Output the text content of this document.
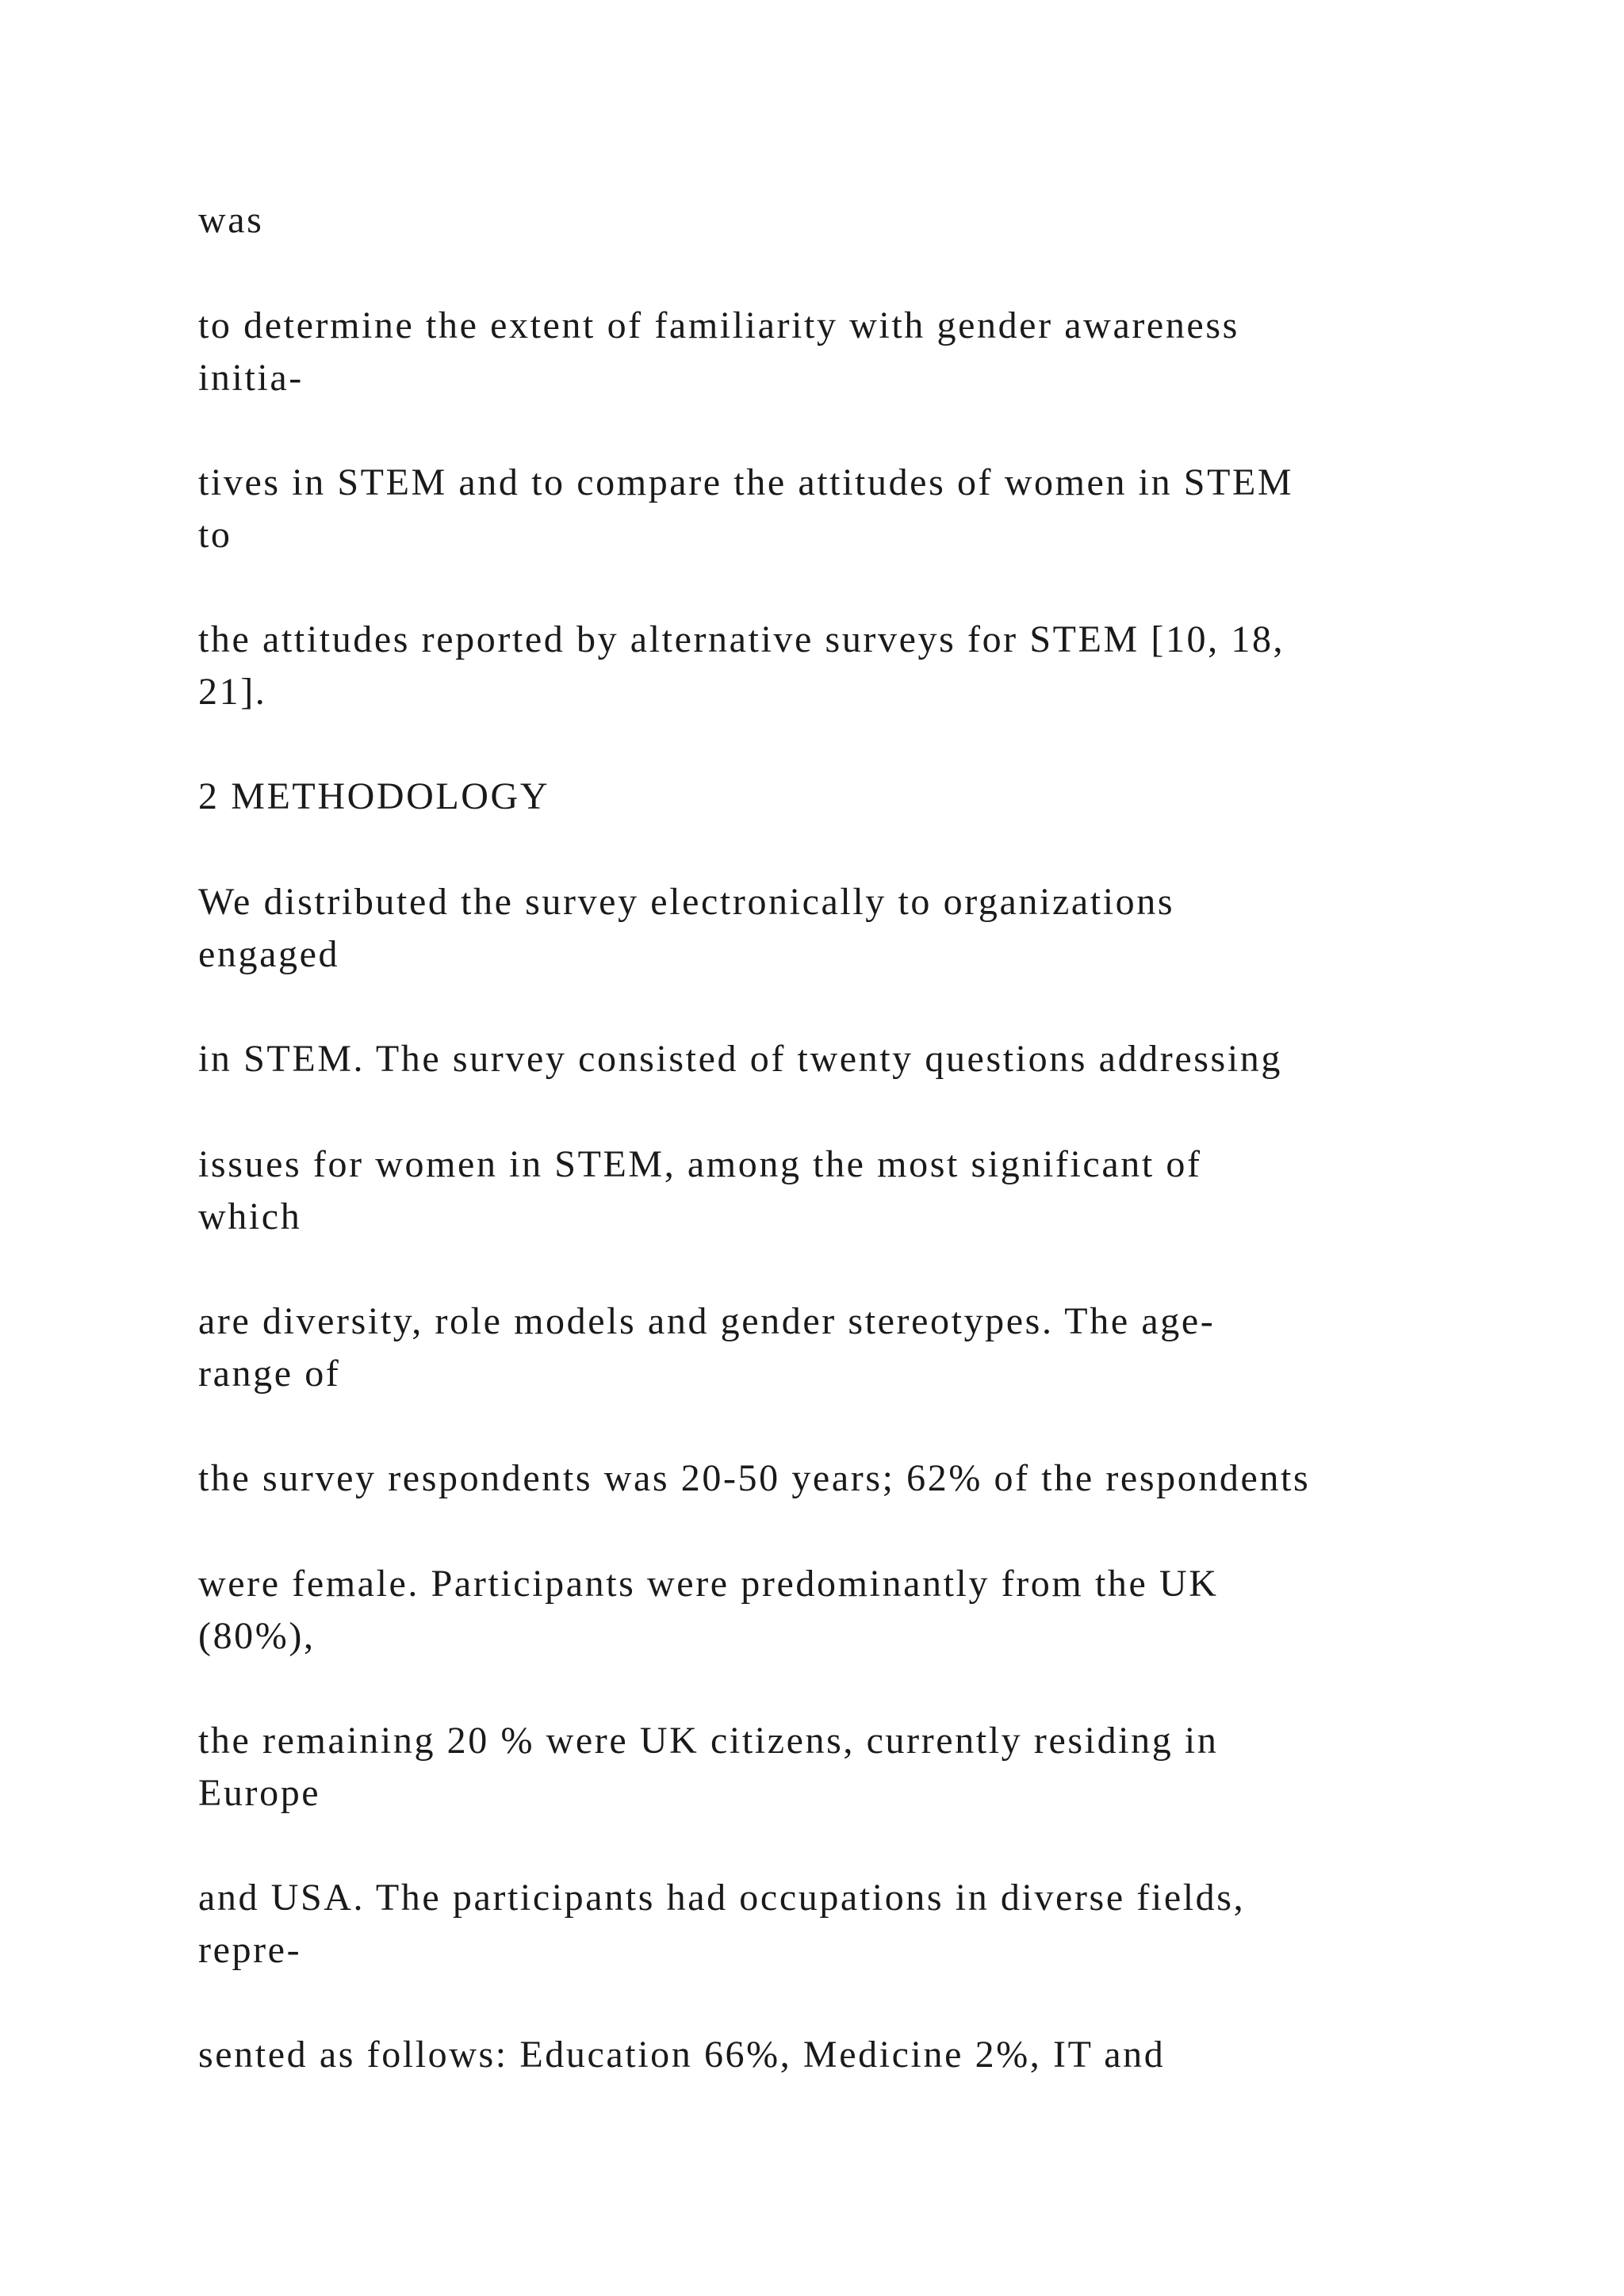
was

to determine the extent of familiarity with gender awareness
initia-

tives in STEM and to compare the attitudes of women in STEM
to

the attitudes reported by alternative surveys for STEM [10, 18,
21].

2 METHODOLOGY

We distributed the survey electronically to organizations
engaged

in STEM. The survey consisted of twenty questions addressing

issues for women in STEM, among the most significant of
which

are diversity, role models and gender stereotypes. The age-
range of

the survey respondents was 20-50 years; 62% of the respondents

were female. Participants were predominantly from the UK
(80%),

the remaining 20 % were UK citizens, currently residing in
Europe

and USA. The participants had occupations in diverse fields,
repre-

sented as follows: Education 66%, Medicine 2%, IT and
